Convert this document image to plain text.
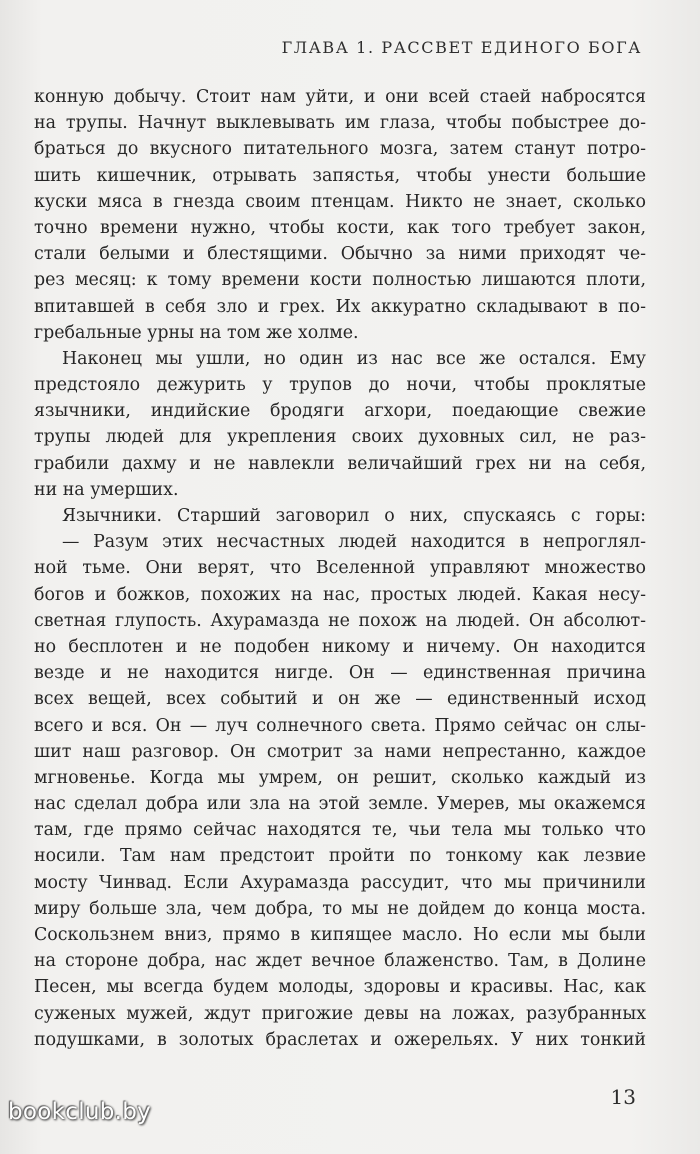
ГЛАВА 1. РАССВЕТ ЕДИНОГО БОГА
конную добычу. Стоит нам уйти, и они всей стаей набросятся
на трупы. Начнут выклевывать им глаза, чтобы побыстрее до-
браться до вкусного питательного мозга, затем станут потро-
шить кишечник, отрывать запястья, чтобы унести большие
куски мяса в гнезда своим птенцам. Никто не знает, сколько
точно времени нужно, чтобы кости, как того требует закон,
стали белыми и блестящими. Обычно за ними приходят че-
рез месяц: к тому времени кости полностью лишаются плоти,
впитавшей в себя зло и грех. Их аккуратно складывают в по-
гребальные урны на том же холме.
Наконец мы ушли, но один из нас все же остался. Ему
предстояло дежурить у трупов до ночи, чтобы проклятые
язычники, индийские бродяги агхори, поедающие свежие
трупы людей для укрепления своих духовных сил, не раз-
грабили дахму и не навлекли величайший грех ни на себя,
ни на умерших.
Язычники. Старший заговорил о них, спускаясь с горы:
— Разум этих несчастных людей находится в непроглял-
ной тьме. Они верят, что Вселенной управляют множество
богов и божков, похожих на нас, простых людей. Какая несу-
светная глупость. Ахурамазда не похож на людей. Он абсолют-
но бесплотен и не подобен никому и ничему. Он находится
везде и не находится нигде. Он — единственная причина
всех вещей, всех событий и он же — единственный исход
всего и вся. Он — луч солнечного света. Прямо сейчас он слы-
шит наш разговор. Он смотрит за нами непрестанно, каждое
мгновенье. Когда мы умрем, он решит, сколько каждый из
нас сделал добра или зла на этой земле. Умерев, мы окажемся
там, где прямо сейчас находятся те, чьи тела мы только что
носили. Там нам предстоит пройти по тонкому как лезвие
мосту Чинвад. Если Ахурамазда рассудит, что мы причинили
миру больше зла, чем добра, то мы не дойдем до конца моста.
Соскользнем вниз, прямо в кипящее масло. Но если мы были
на стороне добра, нас ждет вечное блаженство. Там, в Долине
Песен, мы всегда будем молоды, здоровы и красивы. Нас, как
суженых мужей, ждут пригожие девы на ложах, разубранных
подушками, в золотых браслетах и ожерельях. У них тонкий
13
bookclub.by
